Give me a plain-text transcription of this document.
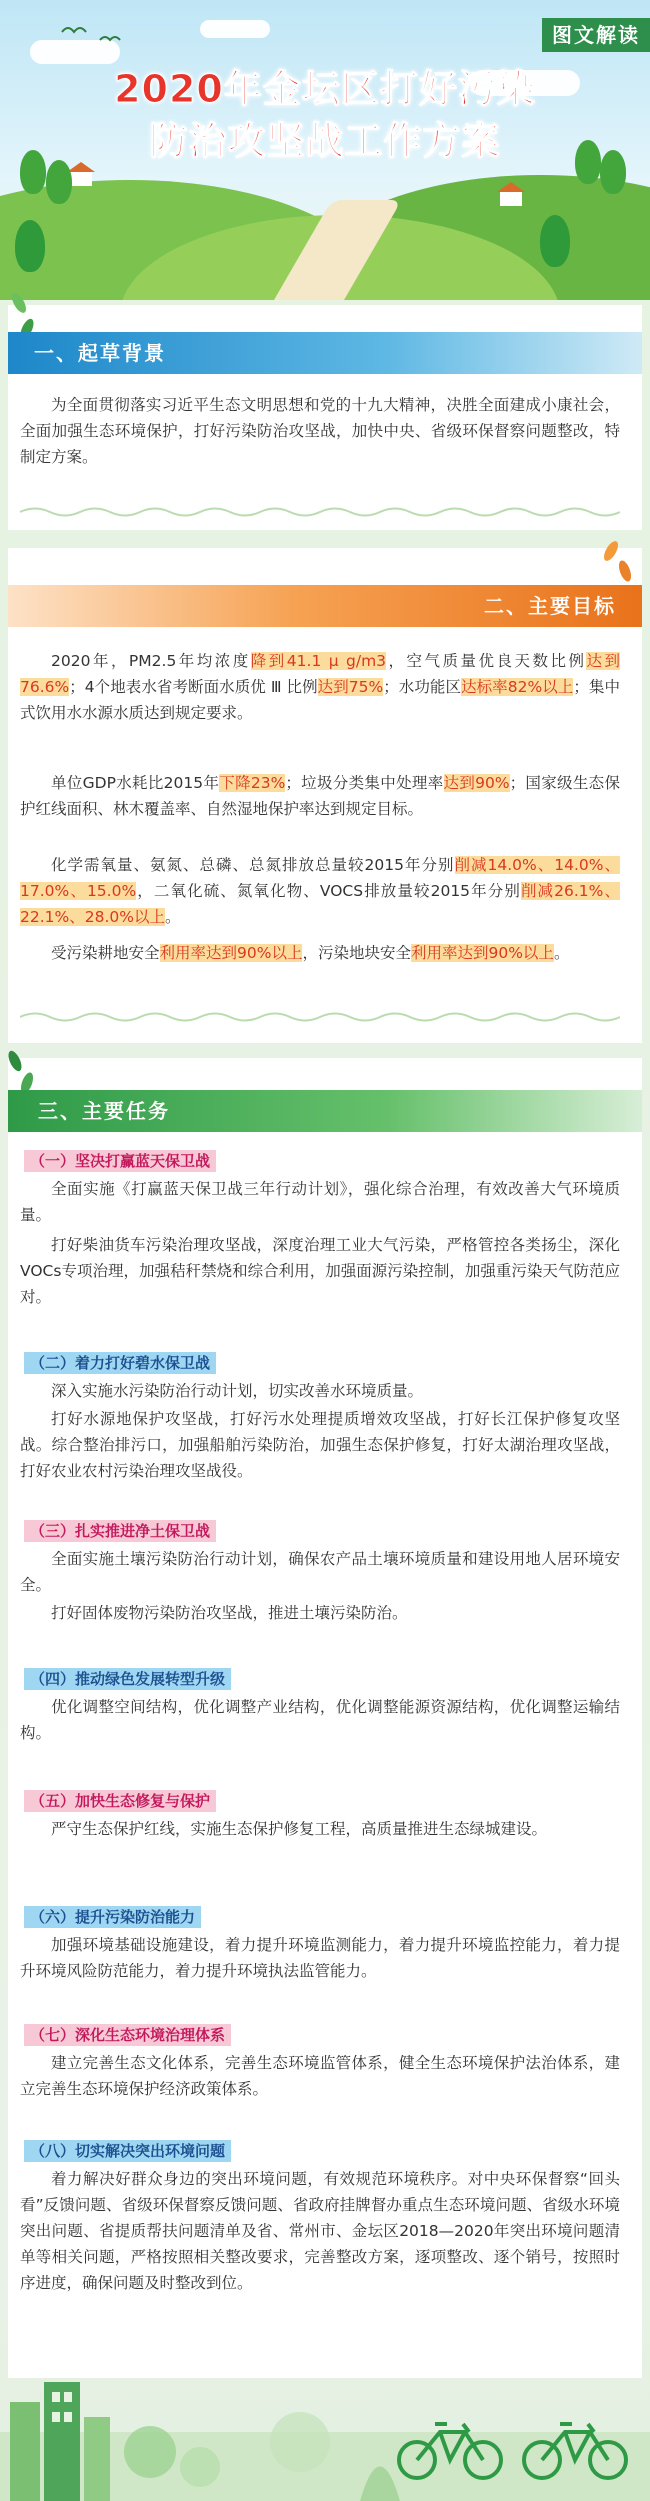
图文解读
2020年金坛区打好污染
防治攻坚战工作方案
一、起草背景
为全面贯彻落实习近平生态文明思想和党的十九大精神，决胜全面建成小康社会，全面加强生态环境保护，打好污染防治攻坚战，加快中央、省级环保督察问题整改，特制定方案。
二、主要目标
2020年，PM2.5年均浓度降到41.1 μ g/m3，空气质量优良天数比例达到76.6%；4个地表水省考断面水质优 Ⅲ 比例达到75%；水功能区达标率82%以上；集中式饮用水水源水质达到规定要求。
单位GDP水耗比2015年下降23%；垃圾分类集中处理率达到90%；国家级生态保护红线面积、林木覆盖率、自然湿地保护率达到规定目标。
化学需氧量、氨氮、总磷、总氮排放总量较2015年分别削减14.0%、14.0%、17.0%、15.0%，二氧化硫、氮氧化物、VOCS排放量较2015年分别削减26.1%、22.1%、28.0%以上。
受污染耕地安全利用率达到90%以上，污染地块安全利用率达到90%以上。
三、主要任务
（一）坚决打赢蓝天保卫战
全面实施《打赢蓝天保卫战三年行动计划》，强化综合治理，有效改善大气环境质量。
打好柴油货车污染治理攻坚战，深度治理工业大气污染，严格管控各类扬尘，深化VOCs专项治理，加强秸秆禁烧和综合利用，加强面源污染控制，加强重污染天气防范应对。
（二）着力打好碧水保卫战
深入实施水污染防治行动计划，切实改善水环境质量。
打好水源地保护攻坚战，打好污水处理提质增效攻坚战，打好长江保护修复攻坚战。综合整治排污口，加强船舶污染防治，加强生态保护修复，打好太湖治理攻坚战，打好农业农村污染治理攻坚战役。
（三）扎实推进净土保卫战
全面实施土壤污染防治行动计划，确保农产品土壤环境质量和建设用地人居环境安全。
打好固体废物污染防治攻坚战，推进土壤污染防治。
（四）推动绿色发展转型升级
优化调整空间结构，优化调整产业结构，优化调整能源资源结构，优化调整运输结构。
（五）加快生态修复与保护
严守生态保护红线，实施生态保护修复工程，高质量推进生态绿城建设。
（六）提升污染防治能力
加强环境基础设施建设，着力提升环境监测能力，着力提升环境监控能力，着力提升环境风险防范能力，着力提升环境执法监管能力。
（七）深化生态环境治理体系
建立完善生态文化体系，完善生态环境监管体系，健全生态环境保护法治体系，建立完善生态环境保护经济政策体系。
（八）切实解决突出环境问题
着力解决好群众身边的突出环境问题，有效规范环境秩序。对中央环保督察“回头看”反馈问题、省级环保督察反馈问题、省政府挂牌督办重点生态环境问题、省级水环境突出问题、省提质帮扶问题清单及省、常州市、金坛区2018—2020年突出环境问题清单等相关问题，严格按照相关整改要求，完善整改方案，逐项整改、逐个销号，按照时序进度，确保问题及时整改到位。
